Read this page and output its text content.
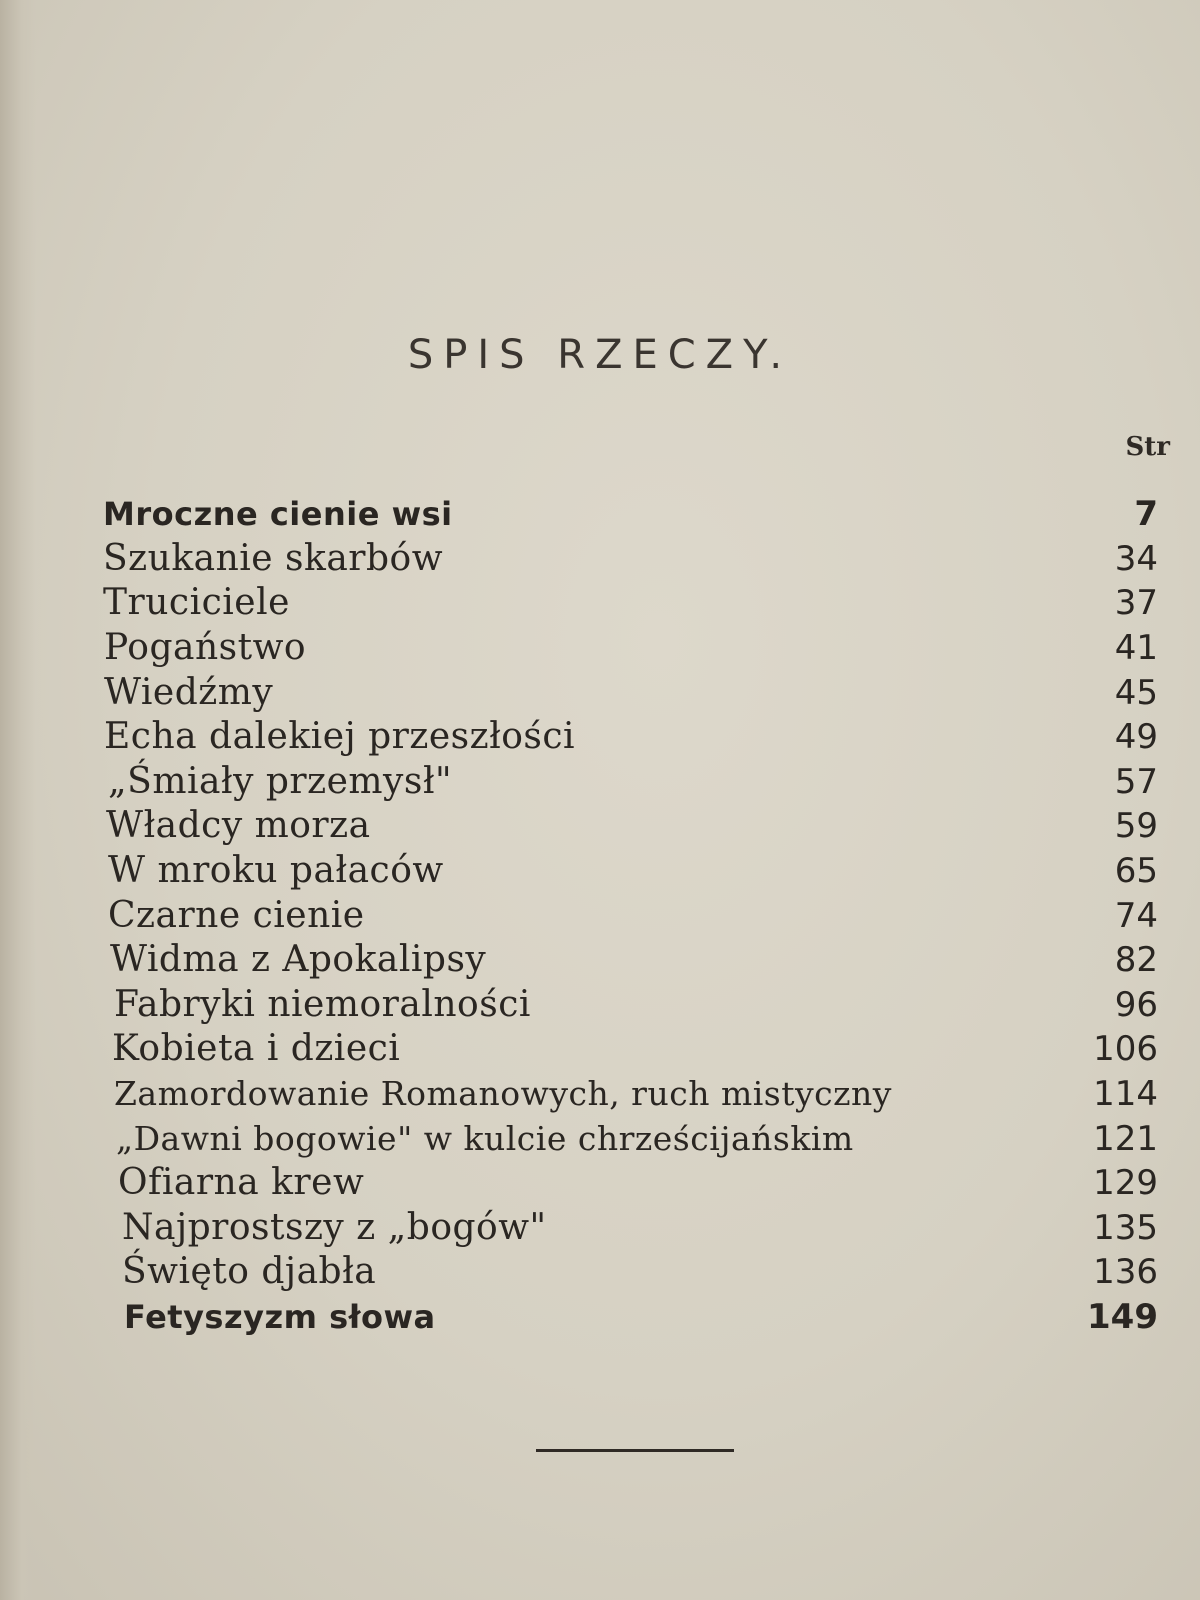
SPIS RZECZY.
Str
Mroczne cienie wsi	7
Szukanie skarbów	34
Truciciele	37
Pogaństwo	41
Wiedźmy	45
Echa dalekiej przeszłości	49
„Śmiały przemysł"	57
Władcy morza	59
W mroku pałaców	65
Czarne cienie	74
Widma z Apokalipsy	82
Fabryki niemoralności	96
Kobieta i dzieci	106
Zamordowanie Romanowych, ruch mistyczny	114
„Dawni bogowie" w kulcie chrześcijańskim	121
Ofiarna krew	129
Najprostszy z „bogów"	135
Święto djabła	136
Fetyszyzm słowa	149
